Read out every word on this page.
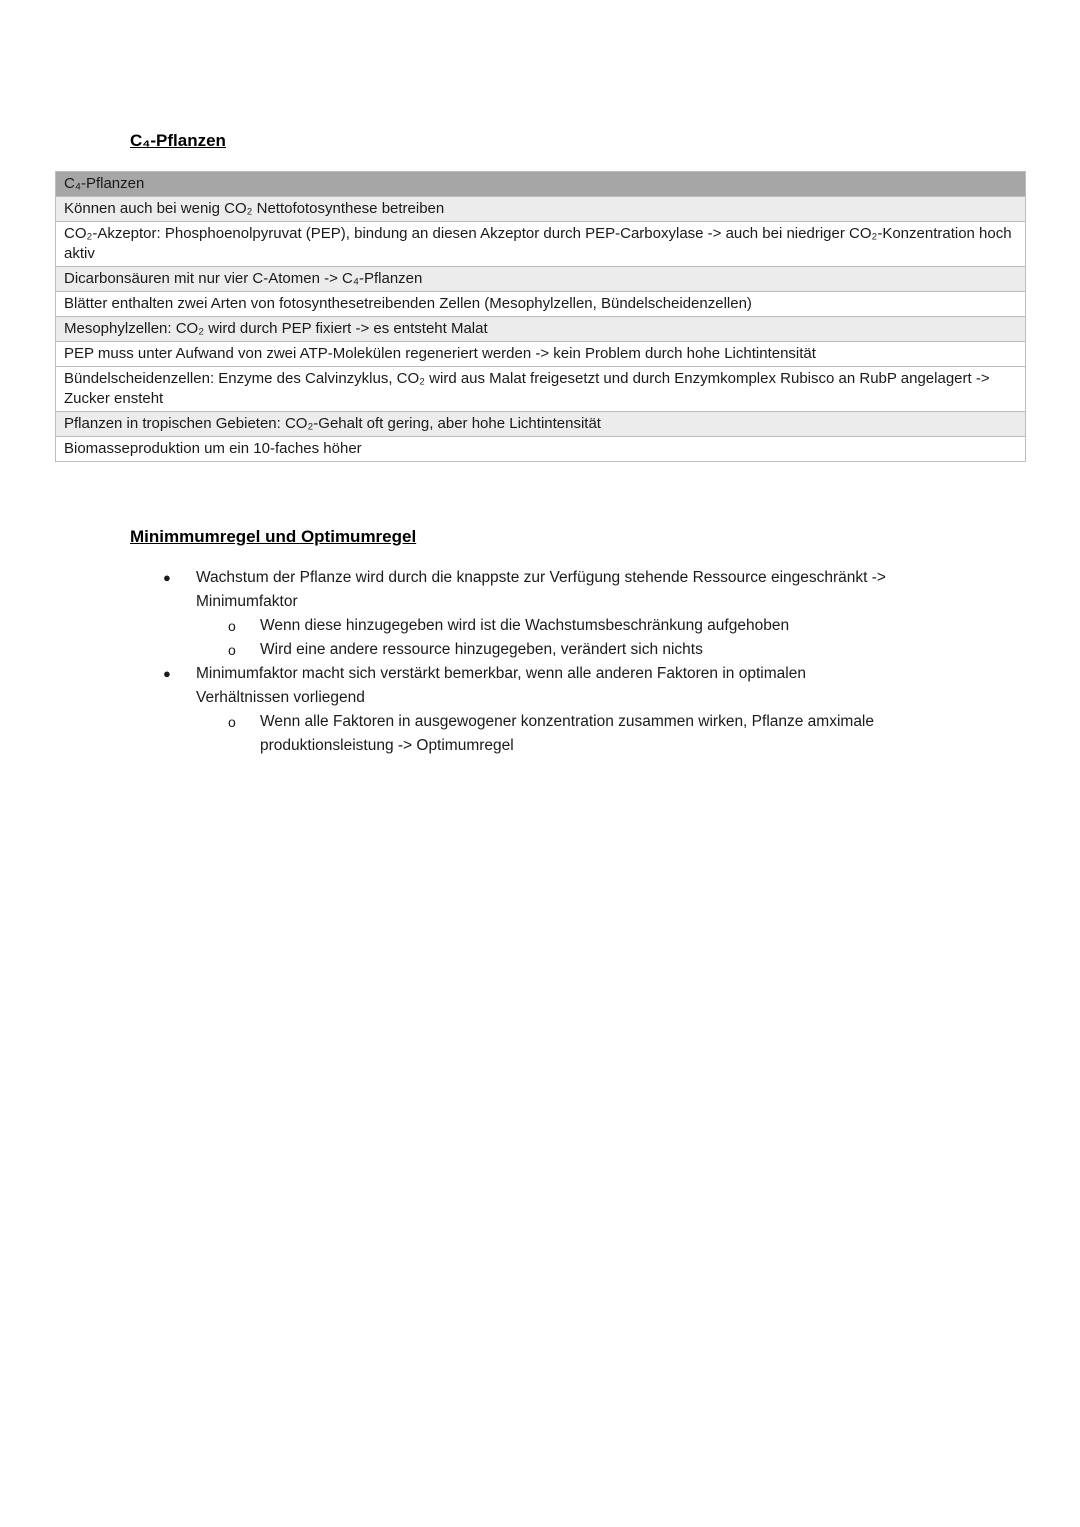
C₄-Pflanzen
C₄-Pflanzen
Können auch bei wenig CO₂ Nettofotosynthese betreiben
CO₂-Akzeptor: Phosphoenolpyruvat (PEP), bindung an diesen Akzeptor durch PEP-Carboxylase -> auch bei niedriger CO₂-Konzentration hoch aktiv
Dicarbonsäuren mit nur vier C-Atomen -> C₄-Pflanzen
Blätter enthalten zwei Arten von fotosynthesetreibenden Zellen (Mesophylzellen, Bündelscheidenzellen)
Mesophylzellen: CO₂ wird durch PEP fixiert -> es entsteht Malat
PEP muss unter Aufwand von zwei ATP-Molekülen regeneriert werden -> kein Problem durch hohe Lichtintensität
Bündelscheidenzellen: Enzyme des Calvinzyklus, CO₂ wird aus Malat freigesetzt und durch Enzymkomplex Rubisco an RubP angelagert -> Zucker ensteht
Pflanzen in tropischen Gebieten: CO₂-Gehalt oft gering, aber hohe Lichtintensität
Biomasseproduktion um ein 10-faches höher
Minimmumregel und Optimumregel
●	Wachstum der Pflanze wird durch die knappste zur Verfügung stehende Ressource eingeschränkt -> Minimumfaktor
o	Wenn diese hinzugegeben wird ist die Wachstumsbeschränkung aufgehoben
o	Wird eine andere ressource hinzugegeben, verändert sich nichts
●	Minimumfaktor macht sich verstärkt bemerkbar, wenn alle anderen Faktoren in optimalen Verhältnissen vorliegend
o	Wenn alle Faktoren in ausgewogener konzentration zusammen wirken, Pflanze amximale produktionsleistung -> Optimumregel
